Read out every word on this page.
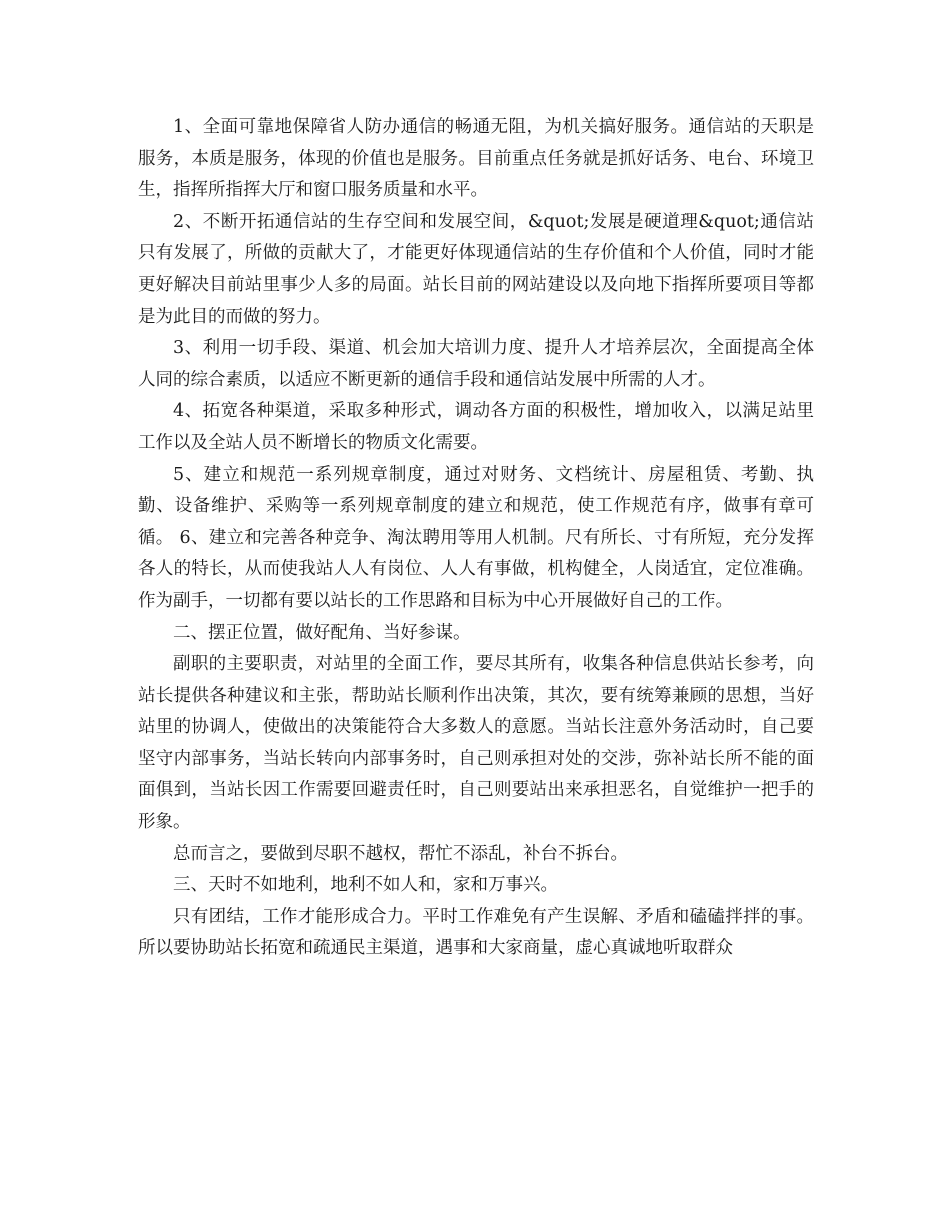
1、全面可靠地保障省人防办通信的畅通无阻，为机关搞好服务。通信站的天职是服务，本质是服务，体现的价值也是服务。目前重点任务就是抓好话务、电台、环境卫生，指挥所指挥大厅和窗口服务质量和水平。

2、不断开拓通信站的生存空间和发展空间，&quot;发展是硬道理&quot;通信站只有发展了，所做的贡献大了，才能更好体现通信站的生存价值和个人价值，同时才能更好解决目前站里事少人多的局面。站长目前的网站建设以及向地下指挥所要项目等都是为此目的而做的努力。

3、利用一切手段、渠道、机会加大培训力度、提升人才培养层次，全面提高全体人同的综合素质，以适应不断更新的通信手段和通信站发展中所需的人才。

4、拓宽各种渠道，采取多种形式，调动各方面的积极性，增加收入，以满足站里工作以及全站人员不断增长的物质文化需要。

5、建立和规范一系列规章制度，通过对财务、文档统计、房屋租赁、考勤、执勤、设备维护、采购等一系列规章制度的建立和规范，使工作规范有序，做事有章可循。 6、建立和完善各种竞争、淘汰聘用等用人机制。尺有所长、寸有所短，充分发挥各人的特长，从而使我站人人有岗位、人人有事做，机构健全，人岗适宜，定位准确。作为副手，一切都有要以站长的工作思路和目标为中心开展做好自己的工作。

二、摆正位置，做好配角、当好参谋。

副职的主要职责，对站里的全面工作，要尽其所有，收集各种信息供站长参考，向站长提供各种建议和主张，帮助站长顺利作出决策，其次，要有统筹兼顾的思想，当好站里的协调人，使做出的决策能符合大多数人的意愿。当站长注意外务活动时，自己要坚守内部事务，当站长转向内部事务时，自己则承担对处的交涉，弥补站长所不能的面面俱到，当站长因工作需要回避责任时，自己则要站出来承担恶名，自觉维护一把手的形象。

总而言之，要做到尽职不越权，帮忙不添乱，补台不拆台。

三、天时不如地利，地利不如人和，家和万事兴。

只有团结，工作才能形成合力。平时工作难免有产生误解、矛盾和磕磕拌拌的事。所以要协助站长拓宽和疏通民主渠道，遇事和大家商量，虚心真诚地听取群众
